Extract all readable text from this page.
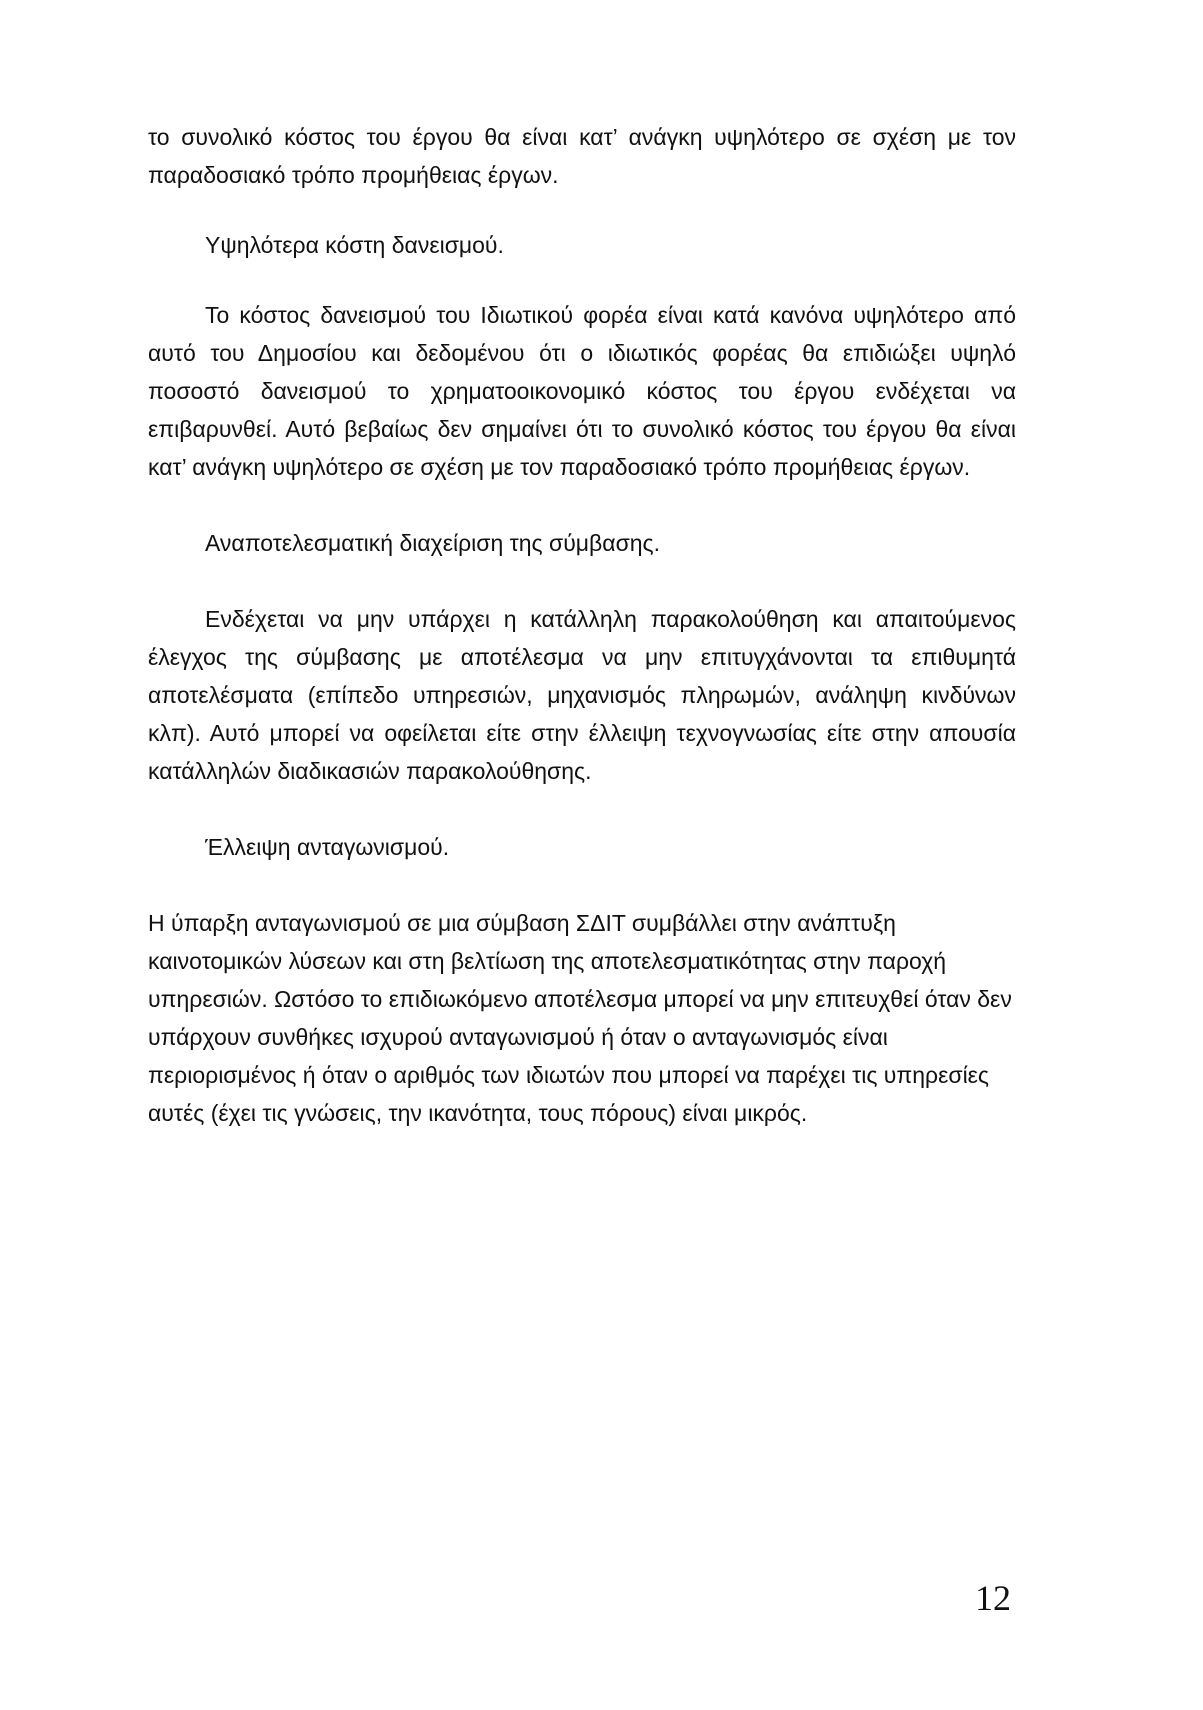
το συνολικό κόστος του έργου θα είναι κατ’ ανάγκη υψηλότερο σε σχέση με τον παραδοσιακό τρόπο προμήθειας έργων.

Υψηλότερα κόστη δανεισμού.

Το κόστος δανεισμού του Ιδιωτικού φορέα είναι κατά κανόνα υψηλότερο από αυτό του Δημοσίου και δεδομένου ότι ο ιδιωτικός φορέας θα επιδιώξει υψηλό ποσοστό δανεισμού το χρηματοοικονομικό κόστος του έργου ενδέχεται να επιβαρυνθεί. Αυτό βεβαίως δεν σημαίνει ότι το συνολικό κόστος του έργου θα είναι κατ’ ανάγκη υψηλότερο σε σχέση με τον παραδοσιακό τρόπο προμήθειας έργων.

Αναποτελεσματική διαχείριση της σύμβασης.

Ενδέχεται να μην υπάρχει η κατάλληλη παρακολούθηση και απαιτούμενος έλεγχος της σύμβασης με αποτέλεσμα να μην επιτυγχάνονται τα επιθυμητά αποτελέσματα (επίπεδο υπηρεσιών, μηχανισμός πληρωμών, ανάληψη κινδύνων κλπ). Αυτό μπορεί να οφείλεται είτε στην έλλειψη τεχνογνωσίας είτε στην απουσία κατάλληλών διαδικασιών παρακολούθησης.

Έλλειψη ανταγωνισμού.

Η ύπαρξη ανταγωνισμού σε μια σύμβαση ΣΔΙΤ συμβάλλει στην ανάπτυξη καινοτομικών λύσεων και στη βελτίωση της αποτελεσματικότητας στην παροχή υπηρεσιών. Ωστόσο το επιδιωκόμενο αποτέλεσμα μπορεί να μην επιτευχθεί όταν δεν υπάρχουν συνθήκες ισχυρού ανταγωνισμού ή όταν ο ανταγωνισμός είναι περιορισμένος ή όταν ο αριθμός των ιδιωτών που μπορεί να παρέχει τις υπηρεσίες αυτές (έχει τις γνώσεις, την ικανότητα, τους πόρους) είναι μικρός.

12
